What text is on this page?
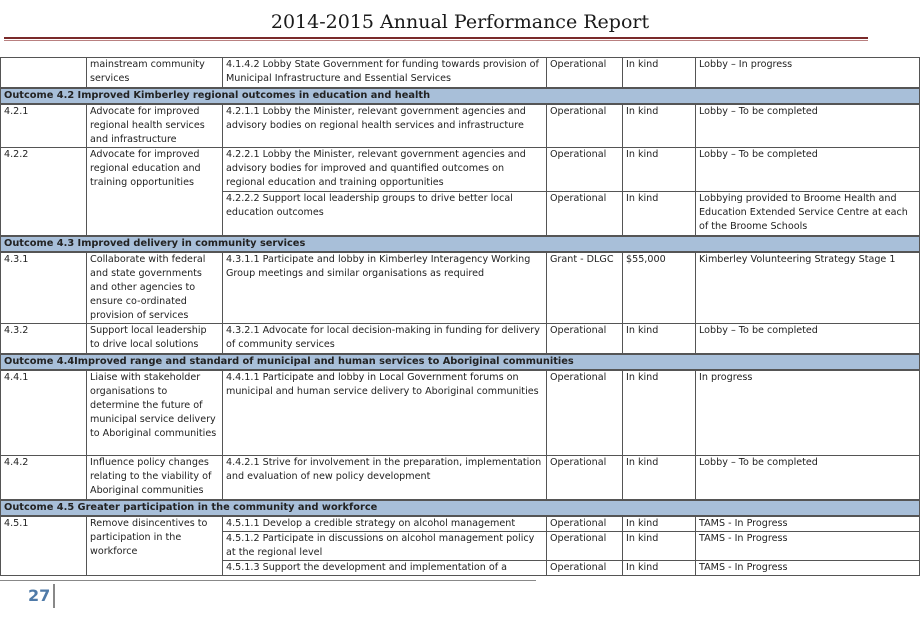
2014-2015 Annual Performance Report
	mainstream community services	4.1.4.2 Lobby State Government for funding towards provision of Municipal Infrastructure and Essential Services	Operational	In kind	Lobby – In progress
Outcome 4.2 Improved Kimberley regional outcomes in education and health					
4.2.1	Advocate for improved regional health services and infrastructure	4.2.1.1 Lobby the Minister, relevant government agencies and advisory bodies on regional health services and infrastructure	Operational	In kind	Lobby – To be completed
4.2.2	Advocate for improved regional education and training opportunities	4.2.2.1 Lobby the Minister, relevant government agencies and advisory bodies for improved and quantified outcomes on regional education and training opportunities	Operational	In kind	Lobby – To be completed
		4.2.2.2 Support local leadership groups to drive better local education outcomes	Operational	In kind	Lobbying provided to Broome Health and Education Extended Service Centre at each of the Broome Schools
Outcome 4.3 Improved delivery in community services					
4.3.1	Collaborate with federal and state governments and other agencies to ensure co-ordinated provision of services	4.3.1.1 Participate and lobby in Kimberley Interagency Working Group meetings and similar organisations as required	Grant - DLGC	$55,000	Kimberley Volunteering Strategy Stage 1
4.3.2	Support local leadership to drive local solutions	4.3.2.1 Advocate for local decision-making in funding for delivery of community services	Operational	In kind	Lobby – To be completed
Outcome 4.4Improved range and standard of municipal and human services to Aboriginal communities					
4.4.1	Liaise with stakeholder organisations to determine the future of municipal service delivery to Aboriginal communities	4.4.1.1 Participate and lobby in Local Government forums on municipal and human service delivery to Aboriginal communities	Operational	In kind	In progress
4.4.2	Influence policy changes relating to the viability of Aboriginal communities	4.4.2.1 Strive for involvement in the preparation, implementation and evaluation of new policy development	Operational	In kind	Lobby – To be completed
Outcome 4.5 Greater participation in the community and workforce					
4.5.1	Remove disincentives to participation in the workforce	4.5.1.1 Develop a credible strategy on alcohol management	Operational	In kind	TAMS - In Progress
		4.5.1.2 Participate in discussions on alcohol management policy at the regional level	Operational	In kind	TAMS - In Progress
		4.5.1.3 Support the development and implementation of a	Operational	In kind	TAMS - In Progress
27
